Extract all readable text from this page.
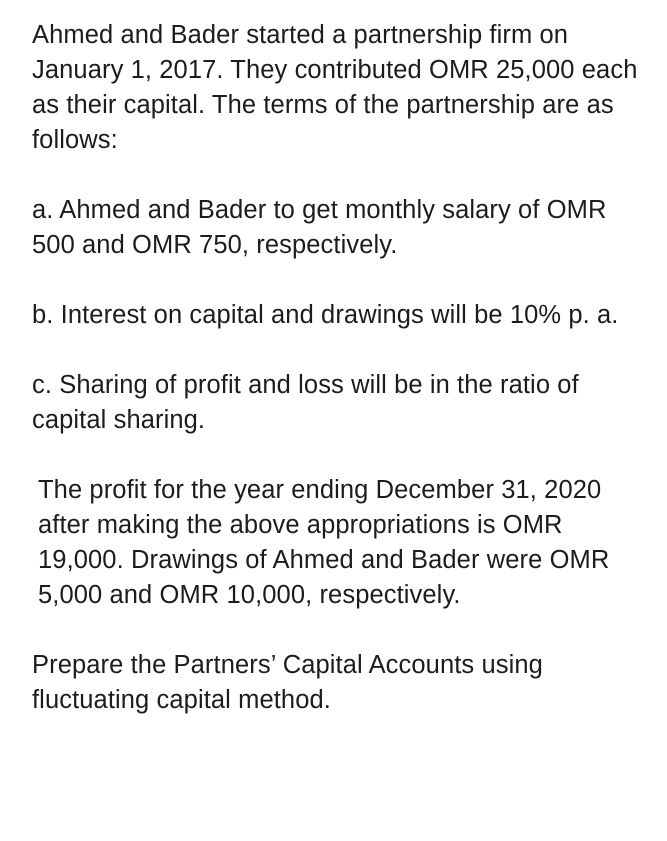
Ahmed and Bader started a partnership firm on January 1, 2017. They contributed OMR 25,000 each as their capital. The terms of the partnership are as follows:

a. Ahmed and Bader to get monthly salary of OMR 500 and OMR 750, respectively.

b. Interest on capital and drawings will be 10% p. a.

c. Sharing of profit and loss will be in the ratio of capital sharing.

The profit for the year ending December 31, 2020 after making the above appropriations is OMR 19,000. Drawings of Ahmed and Bader were OMR 5,000 and OMR 10,000, respectively.

Prepare the Partners’ Capital Accounts using fluctuating capital method.
